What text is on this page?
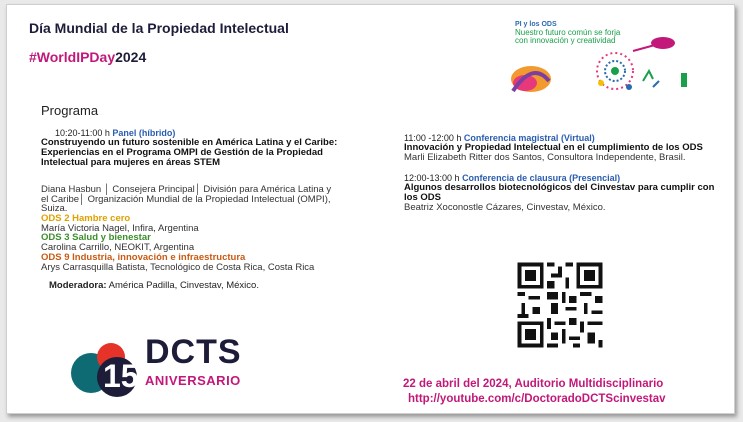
Día Mundial de la Propiedad Intelectual
#WorldIPDay2024
PI y los ODS
Nuestro futuro común se forja con innovación y creatividad
Programa
10:20-11:00 h Panel (híbrido)
Construyendo un futuro sostenible en América Latina y el Caribe: Experiencias en el Programa OMPI de Gestión de la Propiedad Intelectual para mujeres en áreas STEM
Diana Hasbun │ Consejera Principal│ División para América Latina y el Caribe│ Organización Mundial de la Propiedad Intelectual (OMPI), Suiza.
ODS 2 Hambre cero
María Victoria Nagel, Infira, Argentina
ODS 3 Salud y bienestar
Carolina Carrillo, NEOKIT, Argentina
ODS 9 Industria, innovación e infraestructura
Arys Carrasquilla Batista, Tecnológico de Costa Rica, Costa Rica
Moderadora: América Padilla, Cinvestav, México.
11:00 -12:00 h Conferencia magistral (Virtual)
Innovación y Propiedad Intelectual en el cumplimiento de los ODS
Marli Elizabeth Ritter dos Santos, Consultora Independente, Brasil.
12:00-13:00 h Conferencia de clausura (Presencial)
Algunos desarrollos biotecnológicos del Cinvestav para cumplir con los ODS
Beatriz Xoconostle Cázares, Cinvestav, México.
15
DCTS
ANIVERSARIO	22 de abril del 2024, Auditorio Multidisciplinario
http://youtube.com/c/DoctoradoDCTScinvestav
